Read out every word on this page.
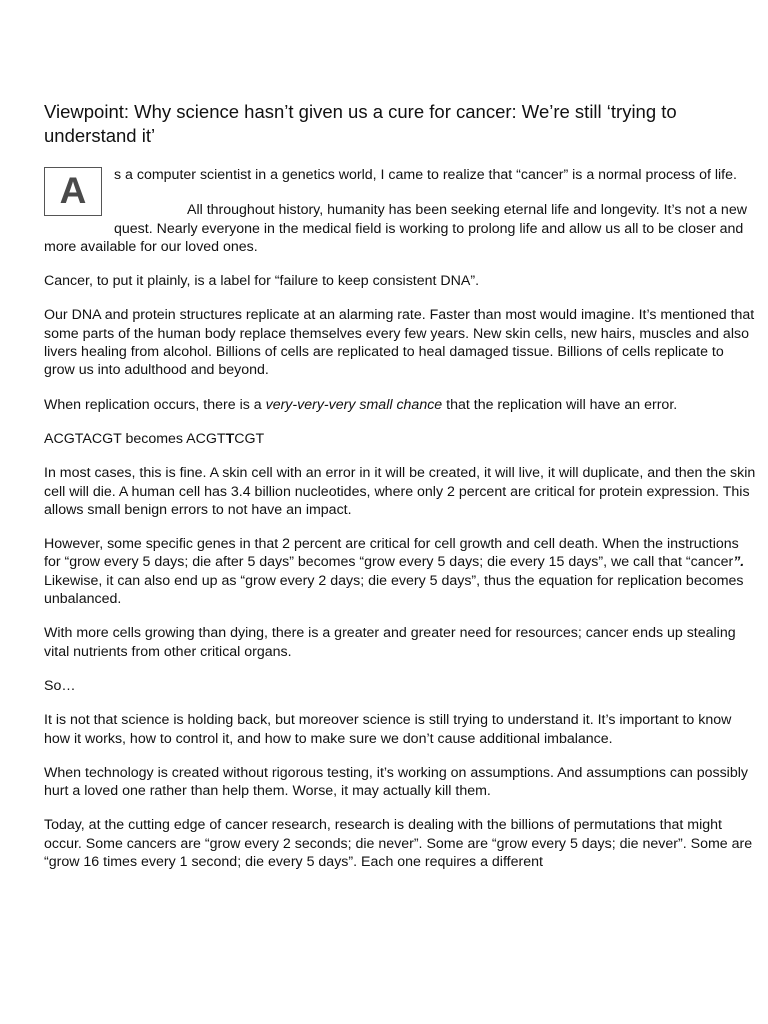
Viewpoint: Why science hasn’t given us a cure for cancer: We’re still ‘trying to understand it’
A	s a computer scientist in a genetics world, I came to realize that “cancer” is a normal process of life.

All throughout history, humanity has been seeking eternal life and longevity. It’s not a new quest. Nearly everyone in the medical field is working to prolong life and allow us all to be closer and more available for our loved ones.

Cancer, to put it plainly, is a label for “failure to keep consistent DNA”.

Our DNA and protein structures replicate at an alarming rate. Faster than most would imagine. It’s mentioned that some parts of the human body replace themselves every few years. New skin cells, new hairs, muscles and also livers healing from alcohol. Billions of cells are replicated to heal damaged tissue. Billions of cells replicate to grow us into adulthood and beyond.

When replication occurs, there is a very-very-very small chance that the replication will have an error.

ACGTACGT becomes ACGTTCGT

In most cases, this is fine. A skin cell with an error in it will be created, it will live, it will duplicate, and then the skin cell will die. A human cell has 3.4 billion nucleotides, where only 2 percent are critical for protein expression. This allows small benign errors to not have an impact.

However, some specific genes in that 2 percent are critical for cell growth and cell death. When the instructions for “grow every 5 days; die after 5 days” becomes “grow every 5 days; die every 15 days”, we call that “cancer”. Likewise, it can also end up as “grow every 2 days; die every 5 days”, thus the equation for replication becomes unbalanced.

With more cells growing than dying, there is a greater and greater need for resources; cancer ends up stealing vital nutrients from other critical organs.

So…

It is not that science is holding back, but moreover science is still trying to understand it. It’s important to know how it works, how to control it, and how to make sure we don’t cause additional imbalance.

When technology is created without rigorous testing, it’s working on assumptions. And assumptions can possibly hurt a loved one rather than help them. Worse, it may actually kill them.

Today, at the cutting edge of cancer research, research is dealing with the billions of permutations that might occur. Some cancers are “grow every 2 seconds; die never”. Some are “grow every 5 days; die never”. Some are “grow 16 times every 1 second; die every 5 days”. Each one requires a different
